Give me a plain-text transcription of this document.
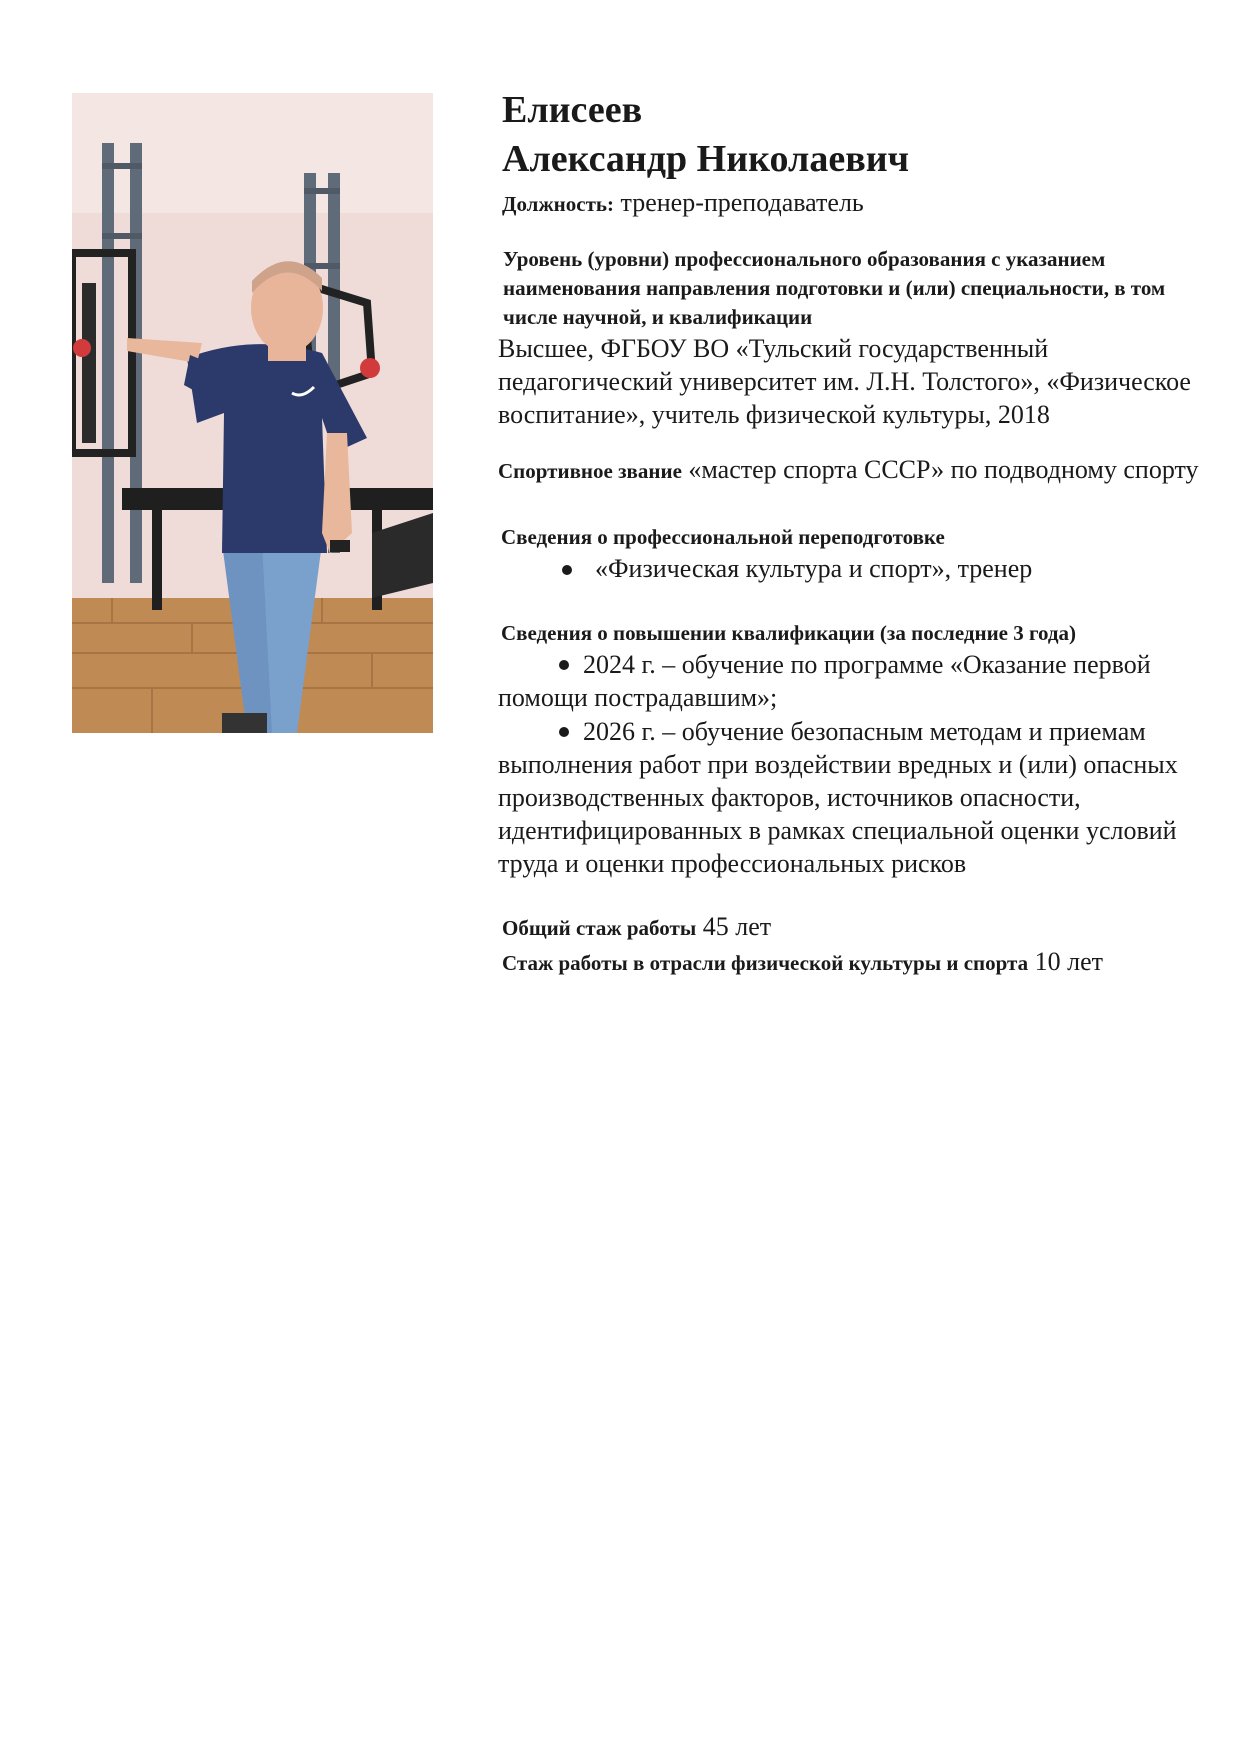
Елисеев
Александр Николаевич
Должность: тренер-преподаватель
Уровень (уровни) профессионального образования с указанием наименования направления подготовки и (или) специальности, в том числе научной, и квалификации
Высшее, ФГБОУ ВО «Тульский государственный педагогический университет им. Л.Н. Толстого», «Физическое воспитание», учитель физической культуры, 2018
Спортивное звание «мастер спорта СССР» по подводному спорту
Сведения о профессиональной переподготовке
«Физическая культура и спорт», тренер
Сведения о повышении квалификации (за последние 3 года)
2024 г. – обучение по программе «Оказание первой помощи пострадавшим»;
2026 г. – обучение безопасным методам и приемам выполнения работ при воздействии вредных и (или) опасных производственных факторов, источников опасности, идентифицированных в рамках специальной оценки условий труда и оценки профессиональных рисков
Общий стаж работы 45 лет
Стаж работы в отрасли физической культуры и спорта 10 лет
